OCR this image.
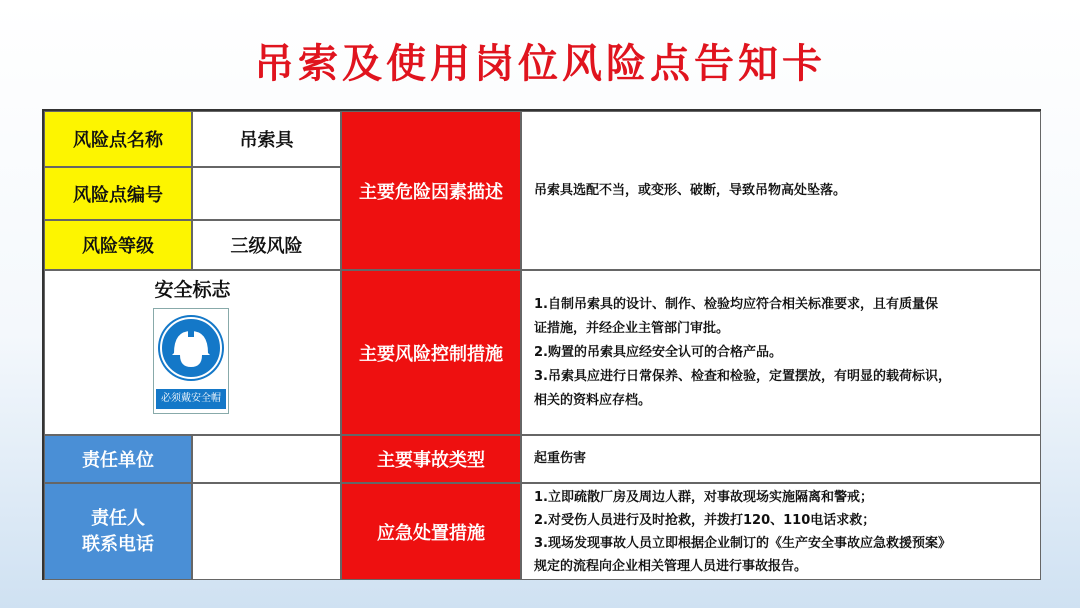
吊索及使用岗位风险点告知卡
风险点名称	吊索具
风险点编号
风险等级	三级风险
安全标志
必须戴安全帽
责任单位
责任人
联系电话
主要危险因素描述
主要风险控制措施
主要事故类型
应急处置措施
吊索具选配不当，或变形、破断，导致吊物高处坠落。
1.自制吊索具的设计、制作、检验均应符合相关标准要求，且有质量保
证措施，并经企业主管部门审批。
2.购置的吊索具应经安全认可的合格产品。
3.吊索具应进行日常保养、检查和检验，定置摆放，有明显的载荷标识，
相关的资料应存档。
起重伤害
1.立即疏散厂房及周边人群，对事故现场实施隔离和警戒；
2.对受伤人员进行及时抢救，并拨打120、110电话求救；
3.现场发现事故人员立即根据企业制订的《生产安全事故应急救援预案》
规定的流程向企业相关管理人员进行事故报告。
